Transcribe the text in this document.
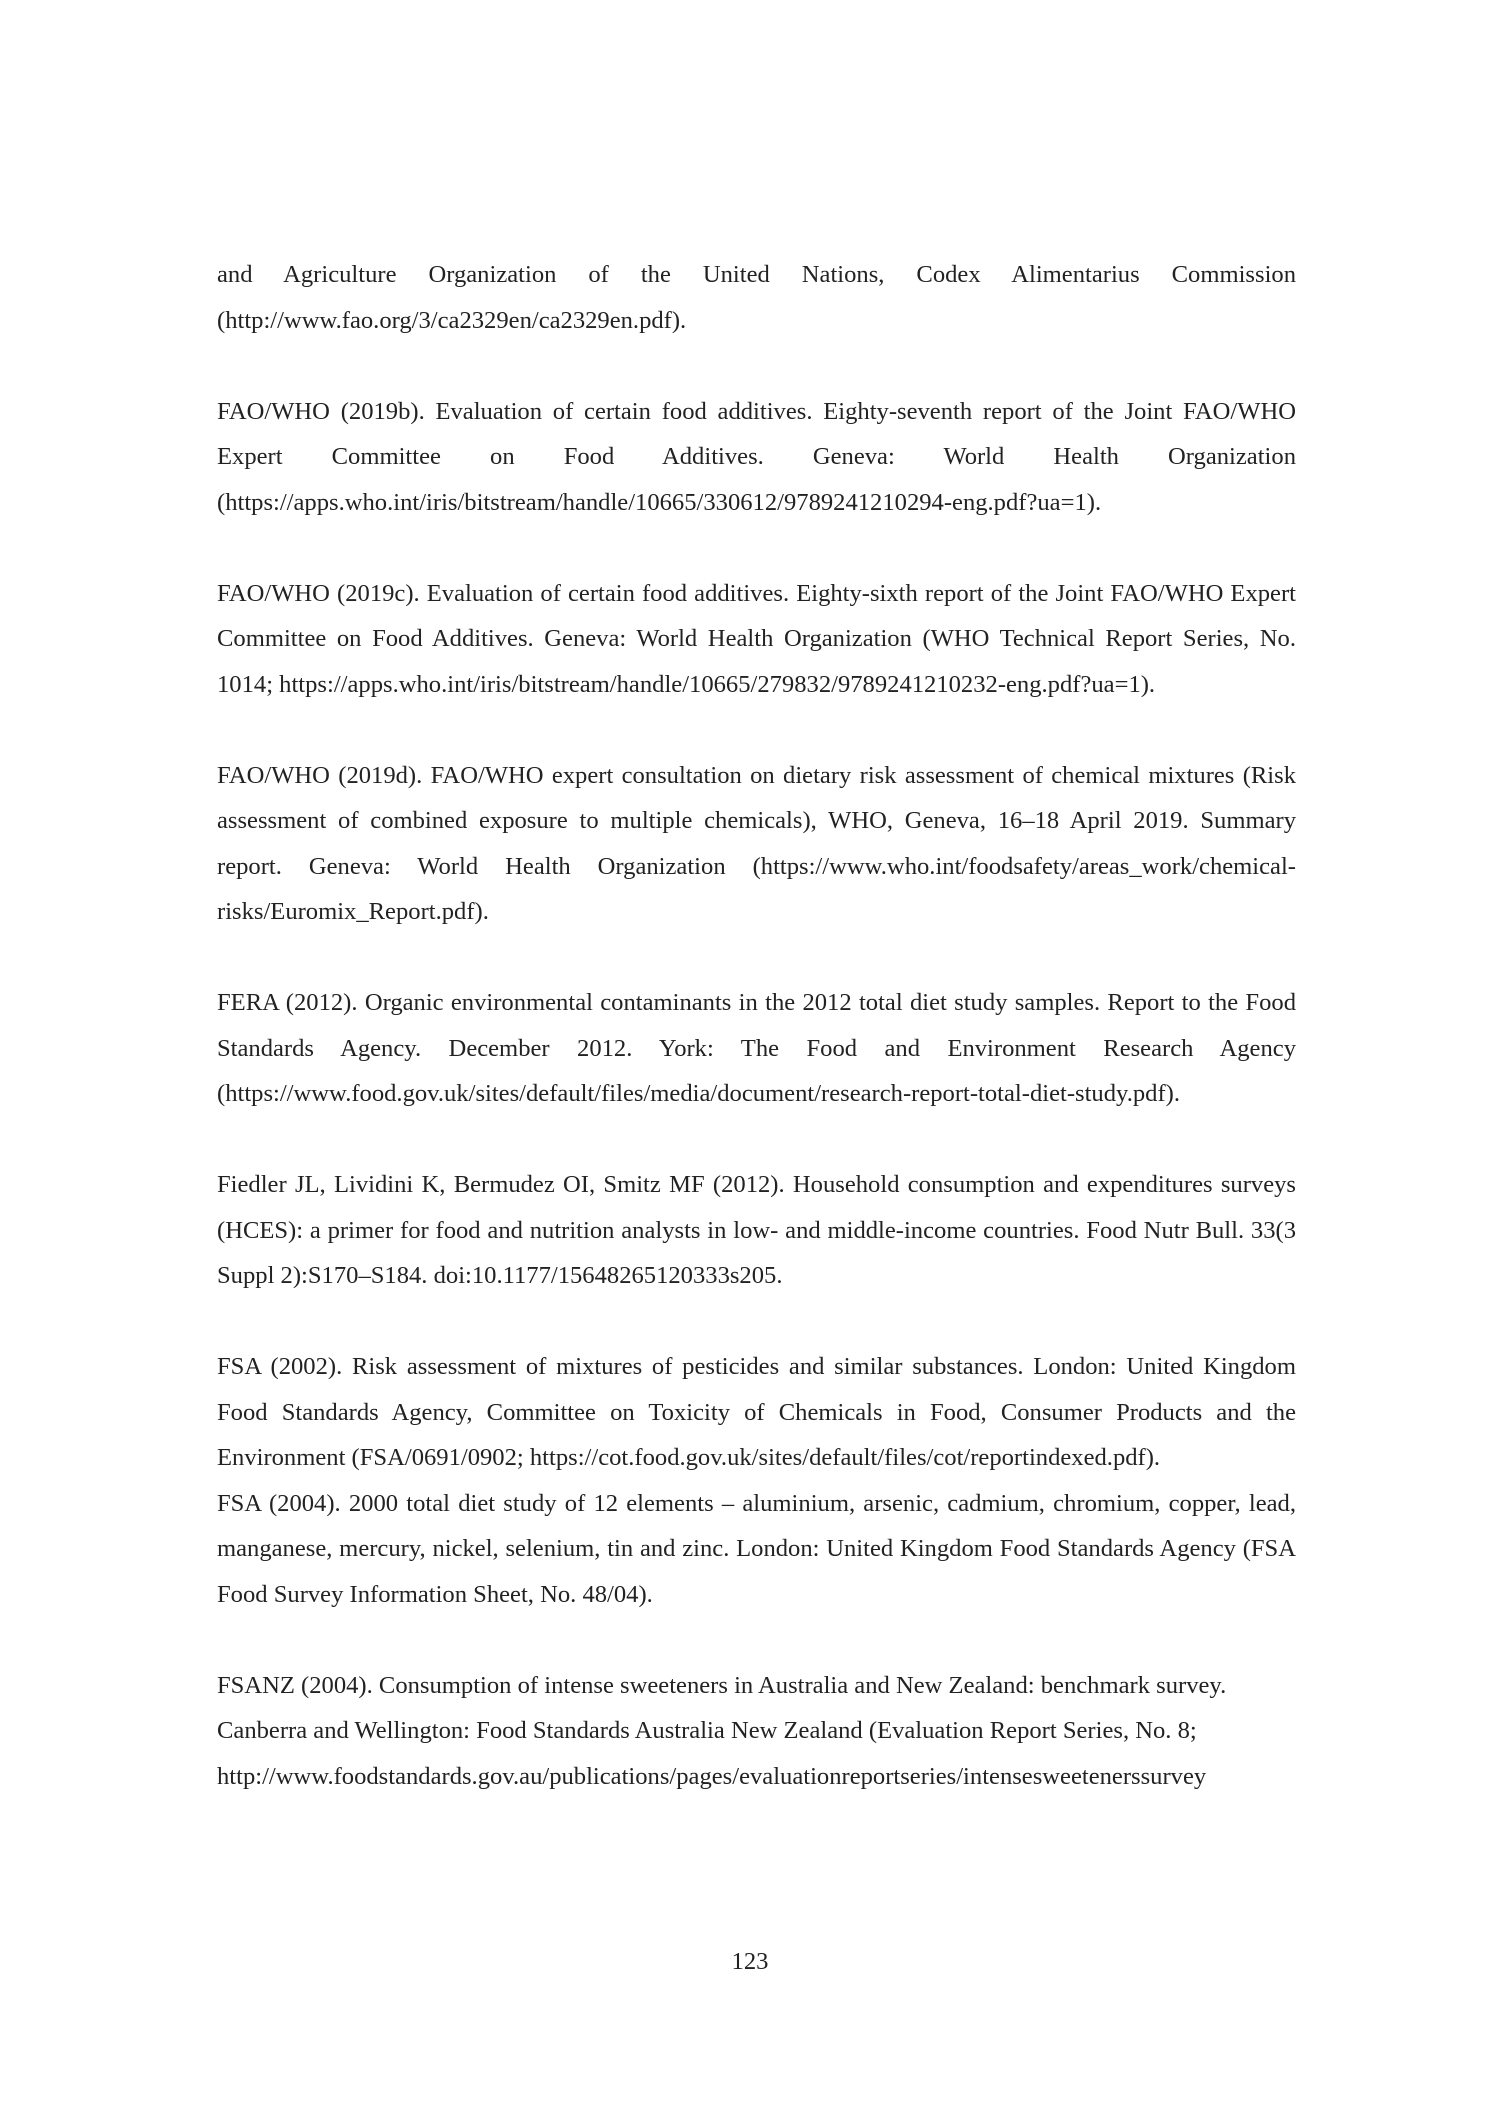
and Agriculture Organization of the United Nations, Codex Alimentarius Commission (http://www.fao.org/3/ca2329en/ca2329en.pdf).

FAO/WHO (2019b). Evaluation of certain food additives. Eighty-seventh report of the Joint FAO/WHO Expert Committee on Food Additives. Geneva: World Health Organization (https://apps.who.int/iris/bitstream/handle/10665/330612/9789241210294-eng.pdf?ua=1).

FAO/WHO (2019c). Evaluation of certain food additives. Eighty-sixth report of the Joint FAO/WHO Expert Committee on Food Additives. Geneva: World Health Organization (WHO Technical Report Series, No. 1014; https://apps.who.int/iris/bitstream/handle/10665/279832/9789241210232-eng.pdf?ua=1).

FAO/WHO (2019d). FAO/WHO expert consultation on dietary risk assessment of chemical mixtures (Risk assessment of combined exposure to multiple chemicals), WHO, Geneva, 16–18 April 2019. Summary report. Geneva: World Health Organization (https://www.who.int/foodsafety/areas_work/chemical-risks/Euromix_Report.pdf).

FERA (2012). Organic environmental contaminants in the 2012 total diet study samples. Report to the Food Standards Agency. December 2012. York: The Food and Environment Research Agency (https://www.food.gov.uk/sites/default/files/media/document/research-report-total-diet-study.pdf).

Fiedler JL, Lividini K, Bermudez OI, Smitz MF (2012). Household consumption and expenditures surveys (HCES): a primer for food and nutrition analysts in low- and middle-income countries. Food Nutr Bull. 33(3 Suppl 2):S170–S184. doi:10.1177/15648265120333s205.

FSA (2002). Risk assessment of mixtures of pesticides and similar substances. London: United Kingdom Food Standards Agency, Committee on Toxicity of Chemicals in Food, Consumer Products and the Environment (FSA/0691/0902; https://cot.food.gov.uk/sites/default/files/cot/reportindexed.pdf).

FSA (2004). 2000 total diet study of 12 elements – aluminium, arsenic, cadmium, chromium, copper, lead, manganese, mercury, nickel, selenium, tin and zinc. London: United Kingdom Food Standards Agency (FSA Food Survey Information Sheet, No. 48/04).

FSANZ (2004). Consumption of intense sweeteners in Australia and New Zealand: benchmark survey. Canberra and Wellington: Food Standards Australia New Zealand (Evaluation Report Series, No. 8; http://www.foodstandards.gov.au/publications/pages/evaluationreportseries/intensesweetenerssurvey

123
